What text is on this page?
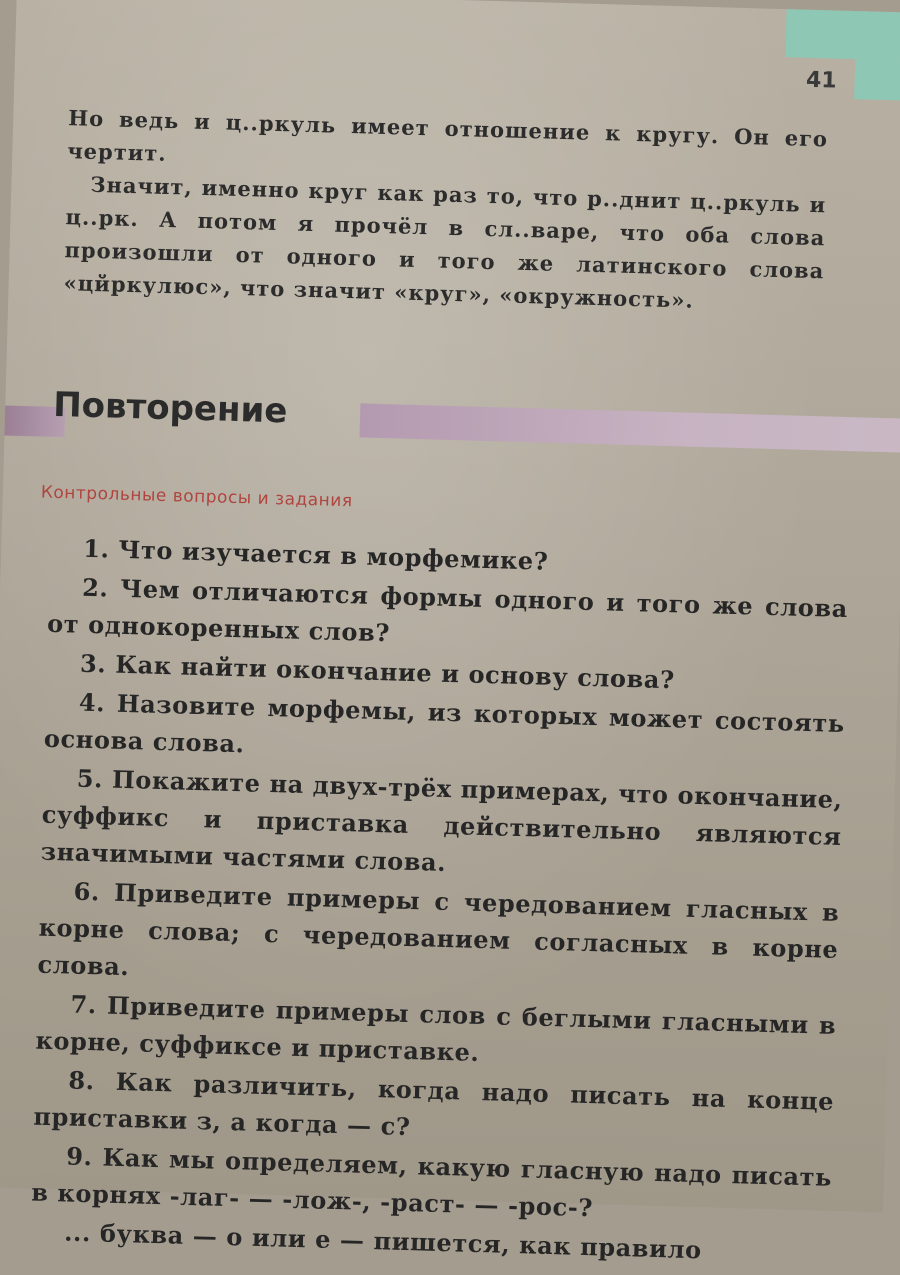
41

Но ведь и ц..ркуль имеет отношение к кругу. Он его чертит.

Значит, именно круг как раз то, что р..днит ц..ркуль и ц..рк. А потом я прочёл в сл..варе, что оба слова произошли от одного и того же латинского слова «цйркулюс», что значит «круг», «окружность».

Повторение
Контрольные вопросы и задания
1. Что изучается в морфемике?
2. Чем отличаются формы одного и того же слова от однокоренных слов?
3. Как найти окончание и основу слова?
4. Назовите морфемы, из которых может состоять основа слова.
5. Покажите на двух-трёх примерах, что окончание, суффикс и приставка действительно являются значимыми частями слова.
6. Приведите примеры с чередованием гласных в корне слова; с чередованием согласных в корне слова.
7. Приведите примеры слов с беглыми гласными в корне, суффиксе и приставке.
8. Как различить, когда надо писать на конце приставки з, а когда — с?
9. Как мы определяем, какую гласную надо писать в корнях -лаг- — -лож-, -раст- — -рос-?
... буква — о или е — пишется, как правило
